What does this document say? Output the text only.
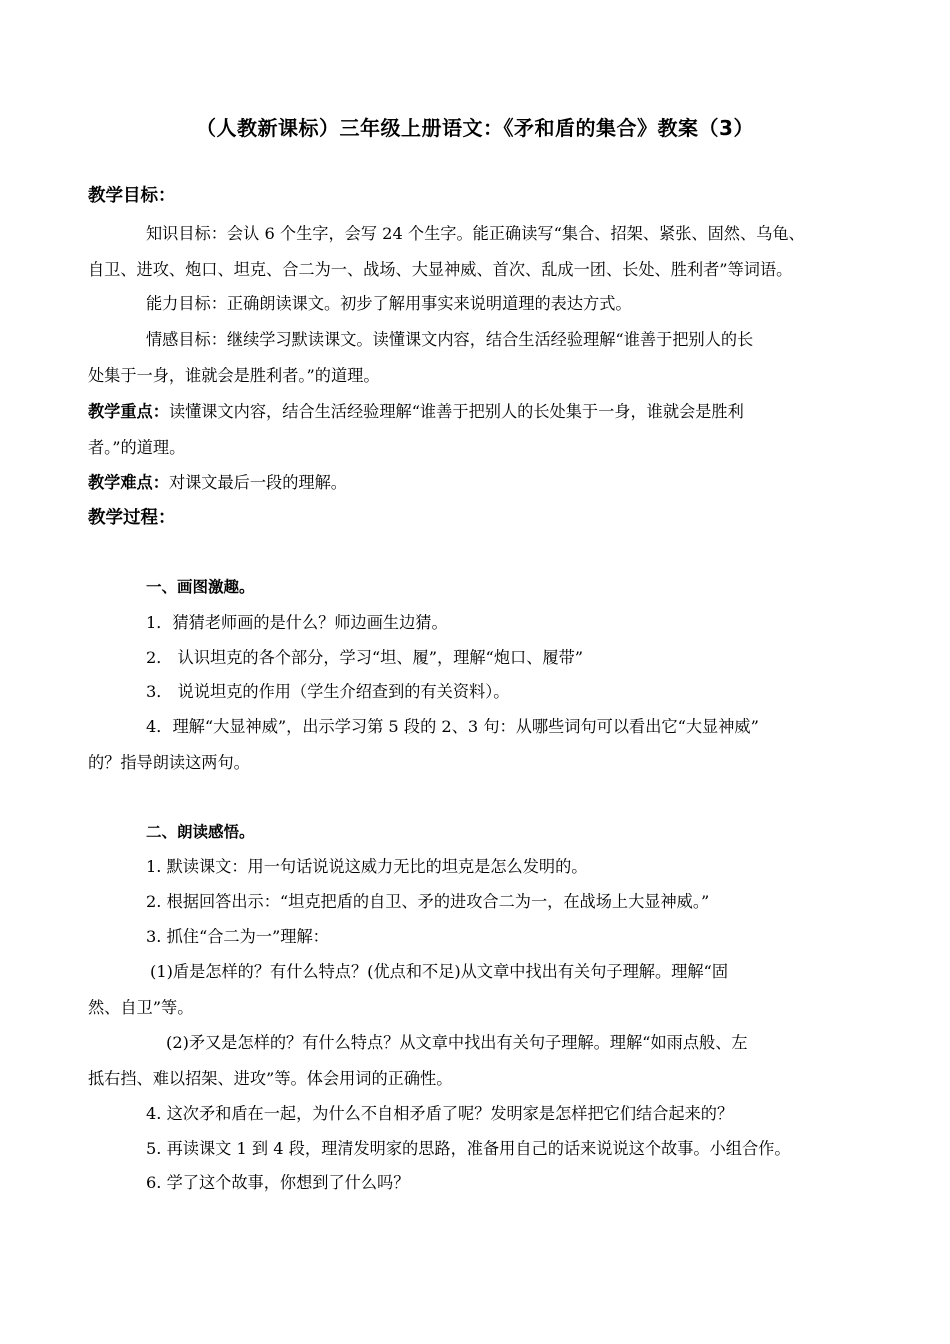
（人教新课标）三年级上册语文：《矛和盾的集合》教案（3）
教学目标：
知识目标：会认 6 个生字，会写 24 个生字。能正确读写“集合、招架、紧张、固然、乌龟、
自卫、进攻、炮口、坦克、合二为一、战场、大显神威、首次、乱成一团、长处、胜利者”等词语。
能力目标：正确朗读课文。初步了解用事实来说明道理的表达方式。
情感目标：继续学习默读课文。读懂课文内容，结合生活经验理解“谁善于把别人的长
处集于一身，谁就会是胜利者。”的道理。
教学重点：读懂课文内容，结合生活经验理解“谁善于把别人的长处集于一身，谁就会是胜利
者。”的道理。
教学难点：对课文最后一段的理解。
教学过程：
一、画图激趣。
1．猜猜老师画的是什么？师边画生边猜。
2． 认识坦克的各个部分，学习“坦、履”，理解“炮口、履带”
3． 说说坦克的作用（学生介绍查到的有关资料）。
4．理解“大显神威”，出示学习第 5 段的 2、3 句：从哪些词句可以看出它“大显神威”
的？指导朗读这两句。
二、朗读感悟。
1. 默读课文：用一句话说说这威力无比的坦克是怎么发明的。
2. 根据回答出示：“坦克把盾的自卫、矛的进攻合二为一，在战场上大显神威。”
3. 抓住“合二为一”理解：
(1)盾是怎样的？有什么特点？(优点和不足)从文章中找出有关句子理解。理解“固
然、自卫”等。
(2)矛又是怎样的？有什么特点？从文章中找出有关句子理解。理解“如雨点般、左
抵右挡、难以招架、进攻”等。体会用词的正确性。
4. 这次矛和盾在一起，为什么不自相矛盾了呢？发明家是怎样把它们结合起来的？
5. 再读课文 1 到 4 段，理清发明家的思路，准备用自己的话来说说这个故事。小组合作。
6. 学了这个故事，你想到了什么吗？
